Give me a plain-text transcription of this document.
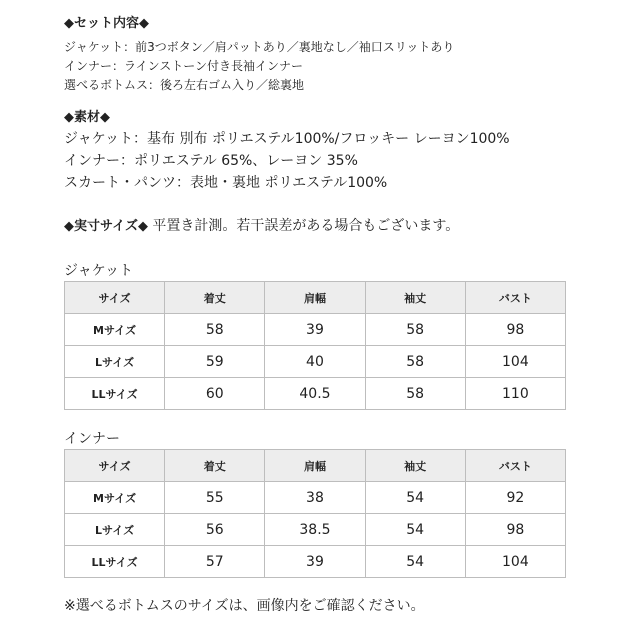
◆セット内容◆
ジャケット：前3つボタン／肩パットあり／裏地なし／袖口スリットあり
インナー：ラインストーン付き長袖インナー
選べるボトムス：後ろ左右ゴム入り／総裏地
◆素材◆
ジャケット：基布 別布 ポリエステル100%/フロッキー レーヨン100%
インナー：ポリエステル 65%、レーヨン 35%
スカート・パンツ：表地・裏地 ポリエステル100%
◆実寸サイズ◆ 平置き計測。若干誤差がある場合もございます。
ジャケット
サイズ	着丈	肩幅	袖丈	バスト
Mサイズ	58	39	58	98
Lサイズ	59	40	58	104
LLサイズ	60	40.5	58	110
インナー
サイズ	着丈	肩幅	袖丈	バスト
Mサイズ	55	38	54	92
Lサイズ	56	38.5	54	98
LLサイズ	57	39	54	104
※選べるボトムスのサイズは、画像内をご確認ください。
